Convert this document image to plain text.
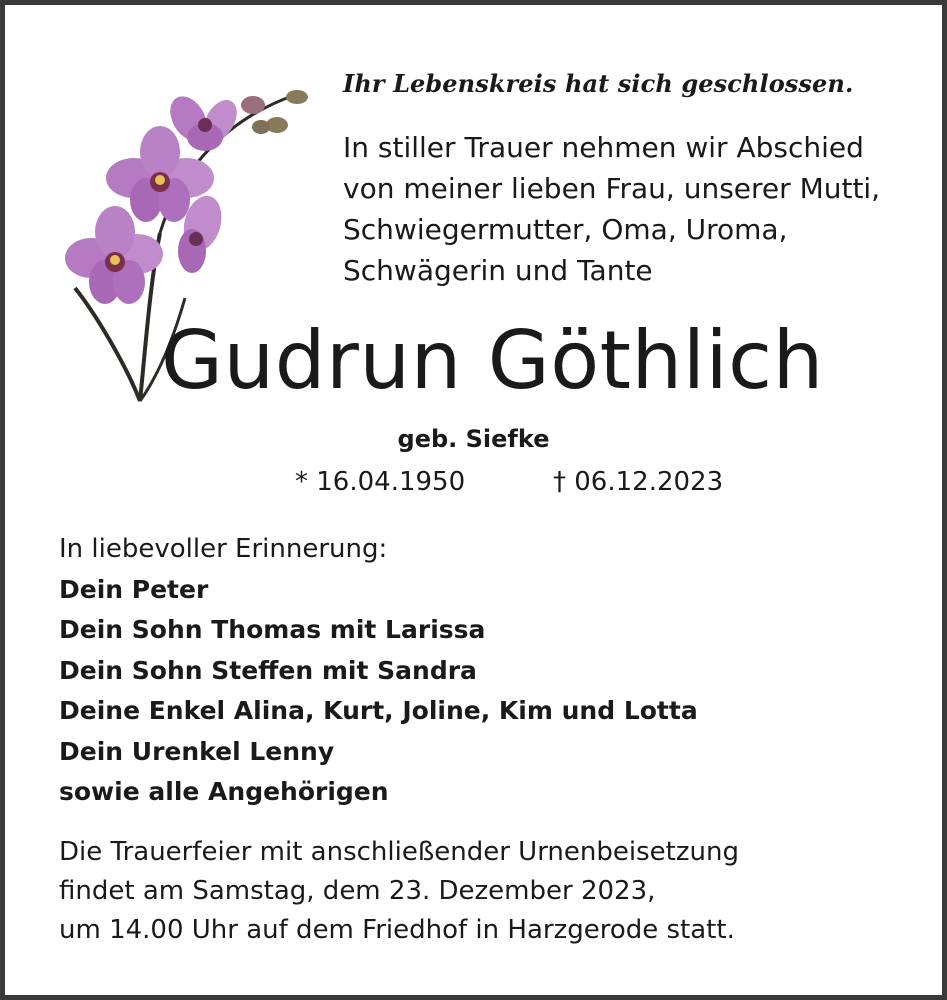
Ihr Lebenskreis hat sich geschlossen.
In stiller Trauer nehmen wir Abschied
von meiner lieben Frau, unserer Mutti,
Schwiegermutter, Oma, Uroma,
Schwägerin und Tante
Gudrun Göthlich
geb. Siefke
* 16.04.1950	† 06.12.2023
In liebevoller Erinnerung:
Dein Peter
Dein Sohn Thomas mit Larissa
Dein Sohn Steffen mit Sandra
Deine Enkel Alina, Kurt, Joline, Kim und Lotta
Dein Urenkel Lenny
sowie alle Angehörigen
Die Trauerfeier mit anschließender Urnenbeisetzung
findet am Samstag, dem 23. Dezember 2023,
um 14.00 Uhr auf dem Friedhof in Harzgerode statt.
